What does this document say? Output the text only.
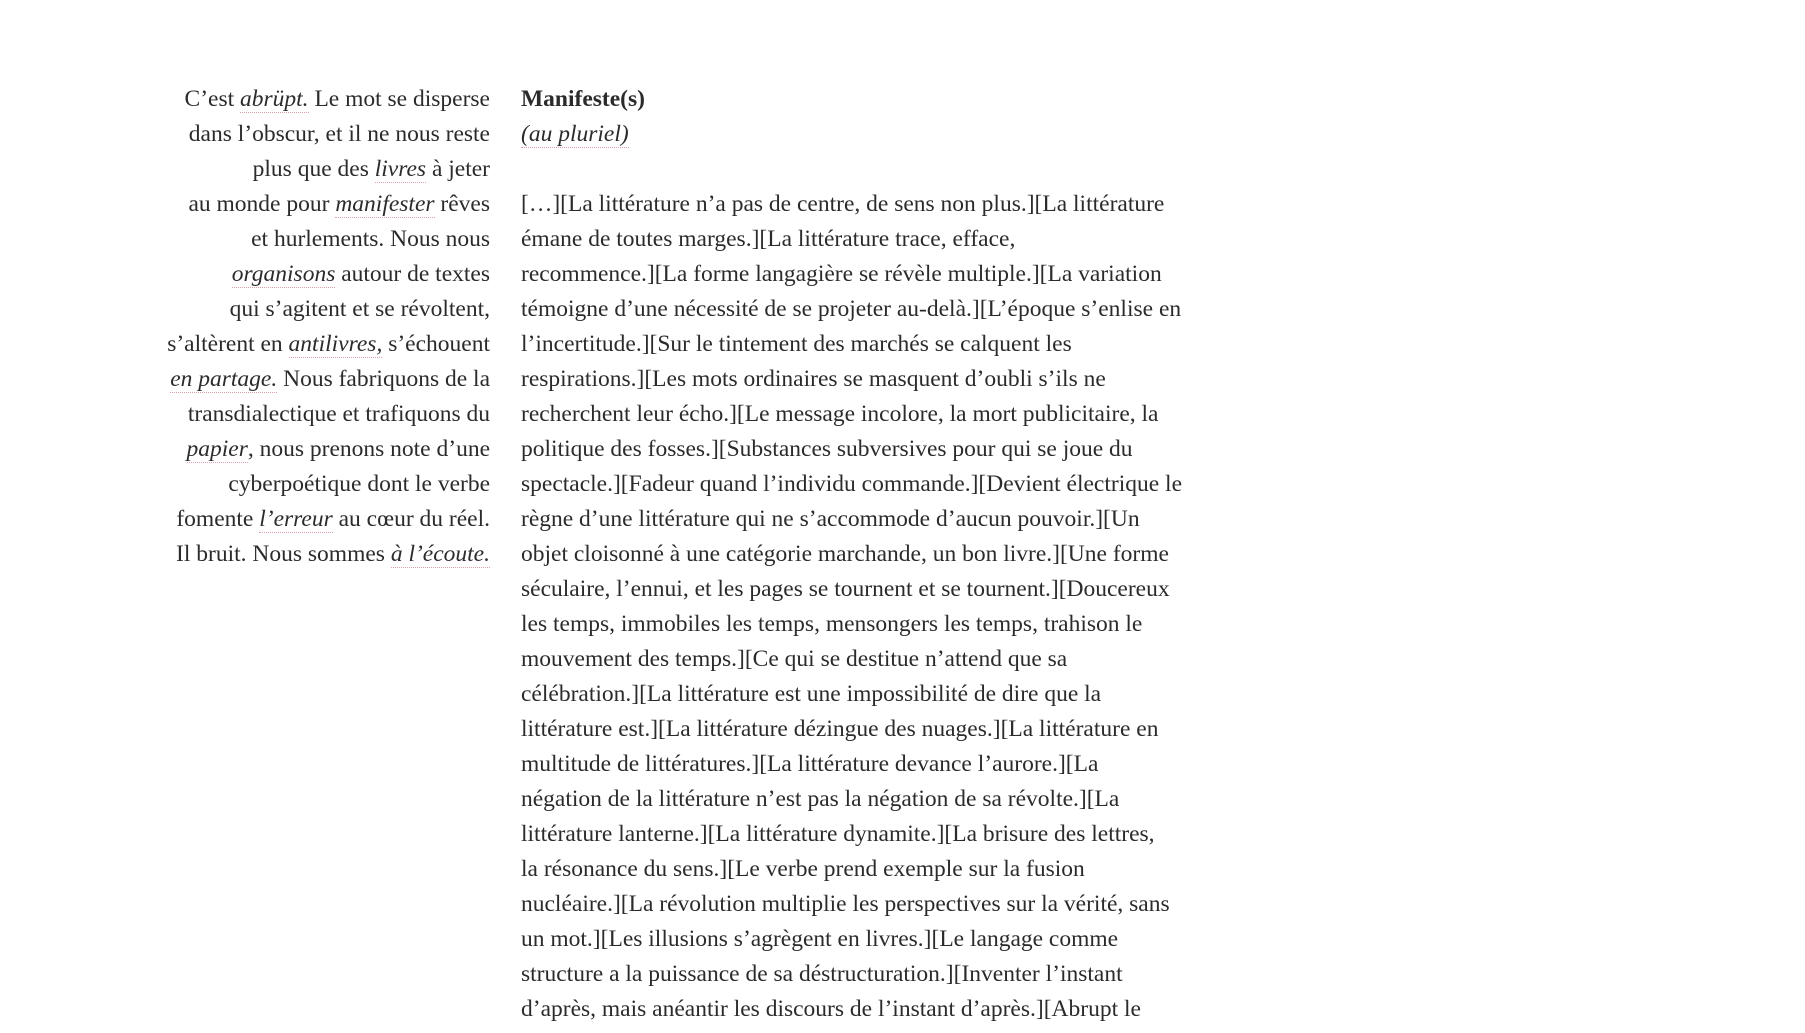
C’est abrüpt. Le mot se disperse
dans l’obscur, et il ne nous reste
plus que des livres à jeter
au monde pour manifester rêves
et hurlements. Nous nous
organisons autour de textes
qui s’agitent et se révoltent,
s’altèrent en antilivres, s’échouent
en partage. Nous fabriquons de la
transdialectique et trafiquons du
papier, nous prenons note d’une
cyberpoétique dont le verbe
fomente l’erreur au cœur du réel.
Il bruit. Nous sommes à l’écoute.
Manifeste(s)
(au pluriel)
[…][La littérature n’a pas de centre, de sens non plus.][La littérature
émane de toutes marges.][La littérature trace, efface,
recommence.][La forme langagière se révèle multiple.][La variation
témoigne d’une nécessité de se projeter au-delà.][L’époque s’enlise en
l’incertitude.][Sur le tintement des marchés se calquent les
respirations.][Les mots ordinaires se masquent d’oubli s’ils ne
recherchent leur écho.][Le message incolore, la mort publicitaire, la
politique des fosses.][Substances subversives pour qui se joue du
spectacle.][Fadeur quand l’individu commande.][Devient électrique le
règne d’une littérature qui ne s’accommode d’aucun pouvoir.][Un
objet cloisonné à une catégorie marchande, un bon livre.][Une forme
séculaire, l’ennui, et les pages se tournent et se tournent.][Doucereux
les temps, immobiles les temps, mensongers les temps, trahison le
mouvement des temps.][Ce qui se destitue n’attend que sa
célébration.][La littérature est une impossibilité de dire que la
littérature est.][La littérature dézingue des nuages.][La littérature en
multitude de littératures.][La littérature devance l’aurore.][La
négation de la littérature n’est pas la négation de sa révolte.][La
littérature lanterne.][La littérature dynamite.][La brisure des lettres,
la résonance du sens.][Le verbe prend exemple sur la fusion
nucléaire.][La révolution multiplie les perspectives sur la vérité, sans
un mot.][Les illusions s’agrègent en livres.][Le langage comme
structure a la puissance de sa déstructuration.][Inventer l’instant
d’après, mais anéantir les discours de l’instant d’après.][Abrupt le
